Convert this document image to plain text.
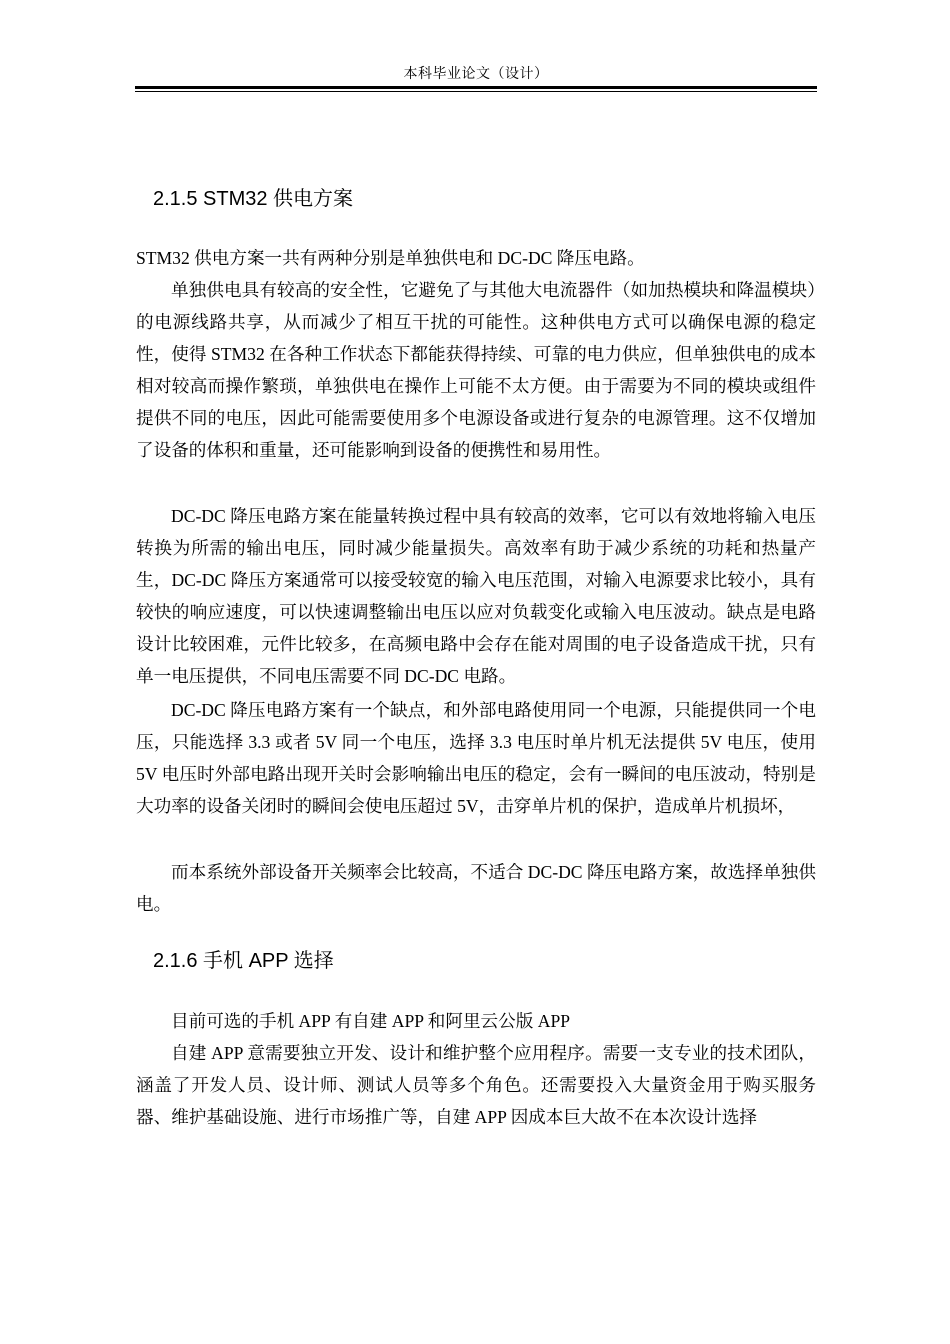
本科毕业论文（设计）
2.1.5 STM32 供电方案

STM32 供电方案一共有两种分别是单独供电和 DC-DC 降压电路。

单独供电具有较高的安全性，它避免了与其他大电流器件（如加热模块和降温模块）的电源线路共享，从而减少了相互干扰的可能性。这种供电方式可以确保电源的稳定性，使得 STM32 在各种工作状态下都能获得持续、可靠的电力供应，但单独供电的成本相对较高而操作繁琐，单独供电在操作上可能不太方便。由于需要为不同的模块或组件提供不同的电压，因此可能需要使用多个电源设备或进行复杂的电源管理。这不仅增加了设备的体积和重量，还可能影响到设备的便携性和易用性。

DC-DC 降压电路方案在能量转换过程中具有较高的效率，它可以有效地将输入电压转换为所需的输出电压，同时减少能量损失。高效率有助于减少系统的功耗和热量产生，DC-DC 降压方案通常可以接受较宽的输入电压范围，对输入电源要求比较小，具有较快的响应速度，可以快速调整输出电压以应对负载变化或输入电压波动。缺点是电路设计比较困难，元件比较多，在高频电路中会存在能对周围的电子设备造成干扰，只有单一电压提供，不同电压需要不同 DC-DC 电路。

DC-DC 降压电路方案有一个缺点，和外部电路使用同一个电源，只能提供同一个电压，只能选择 3.3 或者 5V 同一个电压，选择 3.3 电压时单片机无法提供 5V 电压，使用 5V 电压时外部电路出现开关时会影响输出电压的稳定，会有一瞬间的电压波动，特别是大功率的设备关闭时的瞬间会使电压超过 5V，击穿单片机的保护，造成单片机损坏，

而本系统外部设备开关频率会比较高，不适合 DC-DC 降压电路方案，故选择单独供电。

2.1.6 手机 APP 选择

目前可选的手机 APP 有自建 APP 和阿里云公版 APP

自建 APP 意需要独立开发、设计和维护整个应用程序。需要一支专业的技术团队，涵盖了开发人员、设计师、测试人员等多个角色。还需要投入大量资金用于购买服务器、维护基础设施、进行市场推广等，自建 APP 因成本巨大故不在本次设计选择
